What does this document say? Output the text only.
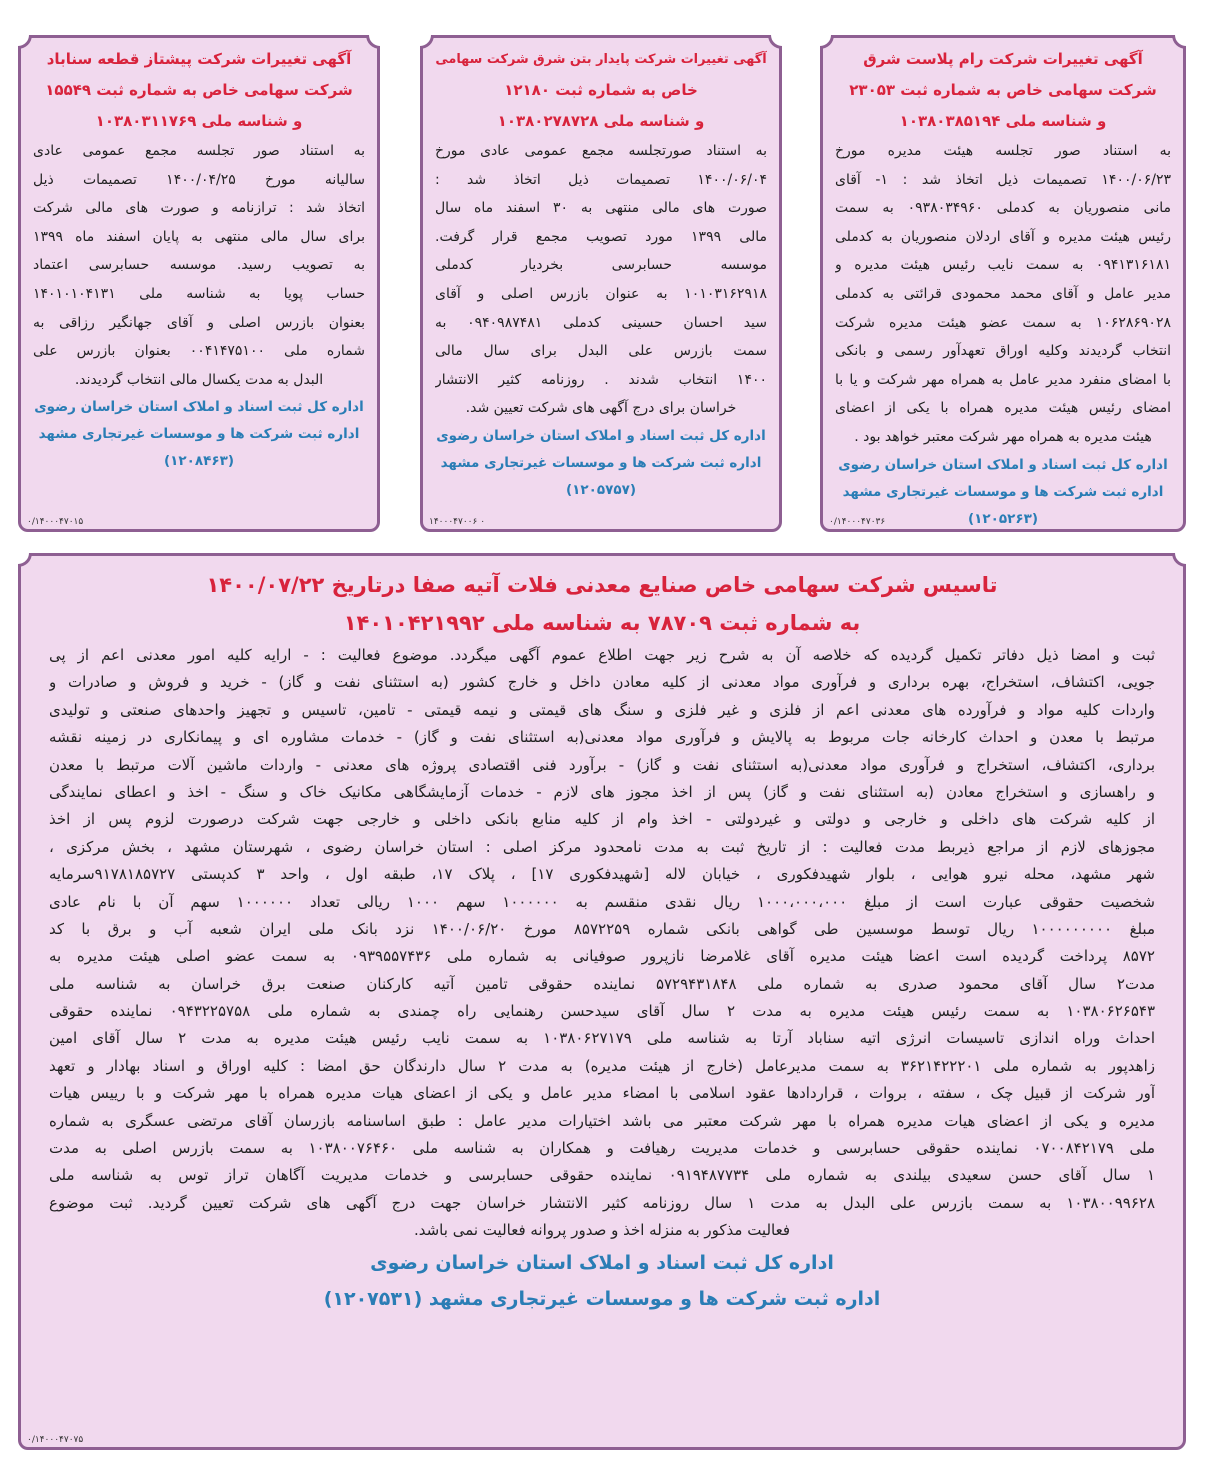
آگهی تغییرات شرکت پیشتاز قطعه سناباد
شرکت سهامی خاص به شماره ثبت ۱۵۵۴۹
و شناسه ملی ۱۰۳۸۰۳۱۱۷۶۹
به استناد صور تجلسه مجمع عمومی عادی
سالیانه مورخ ۱۴۰۰/۰۴/۲۵ تصمیمات ذیل
اتخاذ شد : ترازنامه و صورت های مالی شرکت
برای سال مالی منتهی به پایان اسفند ماه ۱۳۹۹
به تصویب رسید. موسسه حسابرسی اعتماد
حساب پویا به شناسه ملی ۱۴۰۱۰۱۰۴۱۳۱
بعنوان بازرس اصلی و آقای جهانگیر رزاقی به
شماره ملی ۰۰۴۱۴۷۵۱۰۰ بعنوان بازرس علی
البدل به مدت یکسال مالی انتخاب گردیدند.
اداره کل ثبت اسناد و املاک استان خراسان رضوی
اداره ثبت شرکت ها و موسسات غیرتجاری مشهد
(۱۲۰۸۴۶۳)
۰/۱۴۰۰۰۴۷۰۱۵
آگهی تغییرات شرکت پایدار بتن شرق شرکت سهامی
خاص به شماره ثبت ۱۲۱۸۰
و شناسه ملی ۱۰۳۸۰۲۷۸۷۲۸
به استناد صورتجلسه مجمع عمومی عادی مورخ
۱۴۰۰/۰۶/۰۴ تصمیمات ذیل اتخاذ شد :
صورت های مالی منتهی به ۳۰ اسفند ماه سال
مالی ۱۳۹۹ مورد تصویب مجمع قرار گرفت.
موسسه حسابرسی بخردیار کدملی
۱۰۱۰۳۱۶۲۹۱۸ به عنوان بازرس اصلی و آقای
سید احسان حسینی کدملی ۰۹۴۰۹۸۷۴۸۱ به
سمت بازرس علی البدل برای سال مالی
۱۴۰۰ انتخاب شدند . روزنامه کثیر الانتشار
خراسان برای درج آگهی های شرکت تعیین شد.
اداره کل ثبت اسناد و املاک استان خراسان رضوی
اداره ثبت شرکت ها و موسسات غیرتجاری مشهد
(۱۲۰۵۷۵۷)
۱۴۰۰۰۴۷۰۰۶ ۰
آگهی تغییرات شرکت رام پلاست شرق
شرکت سهامی خاص به شماره ثبت ۲۳۰۵۳
و شناسه ملی ۱۰۳۸۰۳۸۵۱۹۴
به استناد صور تجلسه هیئت مدیره مورخ
۱۴۰۰/۰۶/۲۳ تصمیمات ذیل اتخاذ شد : ۱- آقای
مانی منصوریان به کدملی ۰۹۳۸۰۳۴۹۶۰ به سمت
رئیس هیئت مدیره و آقای اردلان منصوریان به کدملی
۰۹۴۱۳۱۶۱۸۱ به سمت نایب رئیس هیئت مدیره و
مدیر عامل و آقای محمد محمودی قرائتی به کدملی
۱۰۶۲۸۶۹۰۲۸ به سمت عضو هیئت مدیره شرکت
انتخاب گردیدند وکلیه اوراق تعهدآور رسمی و بانکی
با امضای منفرد مدیر عامل به همراه مهر شرکت و یا با
امضای رئیس هیئت مدیره همراه با یکی از اعضای
هیئت مدیره به همراه مهر شرکت معتبر خواهد بود .
اداره کل ثبت اسناد و املاک استان خراسان رضوی
اداره ثبت شرکت ها و موسسات غیرتجاری مشهد
(۱۲۰۵۲۶۳)
۰/۱۴۰۰۰۴۷۰۳۶
تاسیس شرکت سهامی خاص صنایع معدنی فلات آتیه صفا درتاریخ ۱۴۰۰/۰۷/۲۲
به شماره ثبت ۷۸۷۰۹ به شناسه ملی ۱۴۰۱۰۴۲۱۹۹۲
ثبت و امضا ذیل دفاتر تکمیل گردیده که خلاصه آن به شرح زیر جهت اطلاع عموم آگهی میگردد. موضوع فعالیت : - ارایه کلیه امور معدنی اعم از پی
جویی، اکتشاف، استخراج، بهره برداری و فرآوری مواد معدنی از کلیه معادن داخل و خارج کشور (به استثنای نفت و گاز) - خرید و فروش و صادرات و
واردات کلیه مواد و فرآورده های معدنی اعم از فلزی و غیر فلزی و سنگ های قیمتی و نیمه قیمتی - تامین، تاسیس و تجهیز واحدهای صنعتی و تولیدی
مرتبط با معدن و احداث کارخانه جات مربوط به پالایش و فرآوری مواد معدنی(به استثنای نفت و گاز) - خدمات مشاوره ای و پیمانکاری در زمینه نقشه
برداری، اکتشاف، استخراج و فرآوری مواد معدنی(به استثنای نفت و گاز) - برآورد فنی اقتصادی پروژه های معدنی - واردات ماشین آلات مرتبط با معدن
و راهسازی و استخراج معادن (به استثنای نفت و گاز) پس از اخذ مجوز های لازم - خدمات آزمایشگاهی مکانیک خاک و سنگ - اخذ و اعطای نمایندگی
از کلیه شرکت های داخلی و خارجی و دولتی و غیردولتی - اخذ وام از کلیه منابع بانکی داخلی و خارجی جهت شرکت درصورت لزوم پس از اخذ
مجوزهای لازم از مراجع ذیربط مدت فعالیت : از تاریخ ثبت به مدت نامحدود مرکز اصلی : استان خراسان رضوی ، شهرستان مشهد ، بخش مرکزی ،
شهر مشهد، محله نیرو هوایی ، بلوار شهیدفکوری ، خیابان لاله [شهیدفکوری ۱۷] ، پلاک ۱۷، طبقه اول ، واحد ۳ کدپستی ۹۱۷۸۱۸۵۷۲۷سرمایه
شخصیت حقوقی عبارت است از مبلغ ۱۰۰۰،۰۰۰،۰۰۰ ریال نقدی منقسم به ۱۰۰۰۰۰۰ سهم ۱۰۰۰ ریالی تعداد ۱۰۰۰۰۰۰ سهم آن با نام عادی
مبلغ ۱۰۰۰۰۰۰۰۰۰ ریال توسط موسسین طی گواهی بانکی شماره ۸۵۷۲۲۵۹ مورخ ۱۴۰۰/۰۶/۲۰ نزد بانک ملی ایران شعبه آب و برق با کد
۸۵۷۲ پرداخت گردیده است اعضا هیئت مدیره آقای غلامرضا نازپرور صوفیانی به شماره ملی ۰۹۳۹۵۵۷۴۳۶ به سمت عضو اصلی هیئت مدیره به
مدت۲ سال آقای محمود صدری به شماره ملی ۵۷۲۹۴۳۱۸۴۸ نماینده حقوقی تامین آتیه کارکنان صنعت برق خراسان به شناسه ملی
۱۰۳۸۰۶۲۶۵۴۳ به سمت رئیس هیئت مدیره به مدت ۲ سال آقای سیدحسن رهنمایی راه چمندی به شماره ملی ۰۹۴۳۲۲۵۷۵۸ نماینده حقوقی
احداث وراه اندازی تاسیسات انرژی اتیه سناباد آرتا به شناسه ملی ۱۰۳۸۰۶۲۷۱۷۹ به سمت نایب رئیس هیئت مدیره به مدت ۲ سال آقای امین
زاهدپور به شماره ملی ۳۶۲۱۴۲۲۲۰۱ به سمت مدیرعامل (خارج از هیئت مدیره) به مدت ۲ سال دارندگان حق امضا : کلیه اوراق و اسناد بهادار و تعهد
آور شرکت از قبیل چک ، سفته ، بروات ، قراردادها عقود اسلامی با امضاء مدیر عامل و یکی از اعضای هیات مدیره همراه با مهر شرکت و با رییس هیات
مدیره و یکی از اعضای هیات مدیره همراه با مهر شرکت معتبر می باشد اختیارات مدیر عامل : طبق اساسنامه بازرسان آقای مرتضی عسگری به شماره
ملی ۰۷۰۰۸۴۲۱۷۹ نماینده حقوقی حسابرسی و خدمات مدیریت رهیافت و همکاران به شناسه ملی ۱۰۳۸۰۰۷۶۴۶۰ به سمت بازرس اصلی به مدت
۱ سال آقای حسن سعیدی بیلندی به شماره ملی ۰۹۱۹۴۸۷۷۳۴ نماینده حقوقی حسابرسی و خدمات مدیریت آگاهان تراز توس به شناسه ملی
۱۰۳۸۰۰۹۹۶۲۸ به سمت بازرس علی البدل به مدت ۱ سال روزنامه کثیر الانتشار خراسان جهت درج آگهی های شرکت تعیین گردید. ثبت موضوع
فعالیت مذکور به منزله اخذ و صدور پروانه فعالیت نمی باشد.
اداره کل ثبت اسناد و املاک استان خراسان رضوی
اداره ثبت شرکت ها و موسسات غیرتجاری مشهد (۱۲۰۷۵۳۱)
۰/۱۴۰۰۰۴۷۰۷۵
